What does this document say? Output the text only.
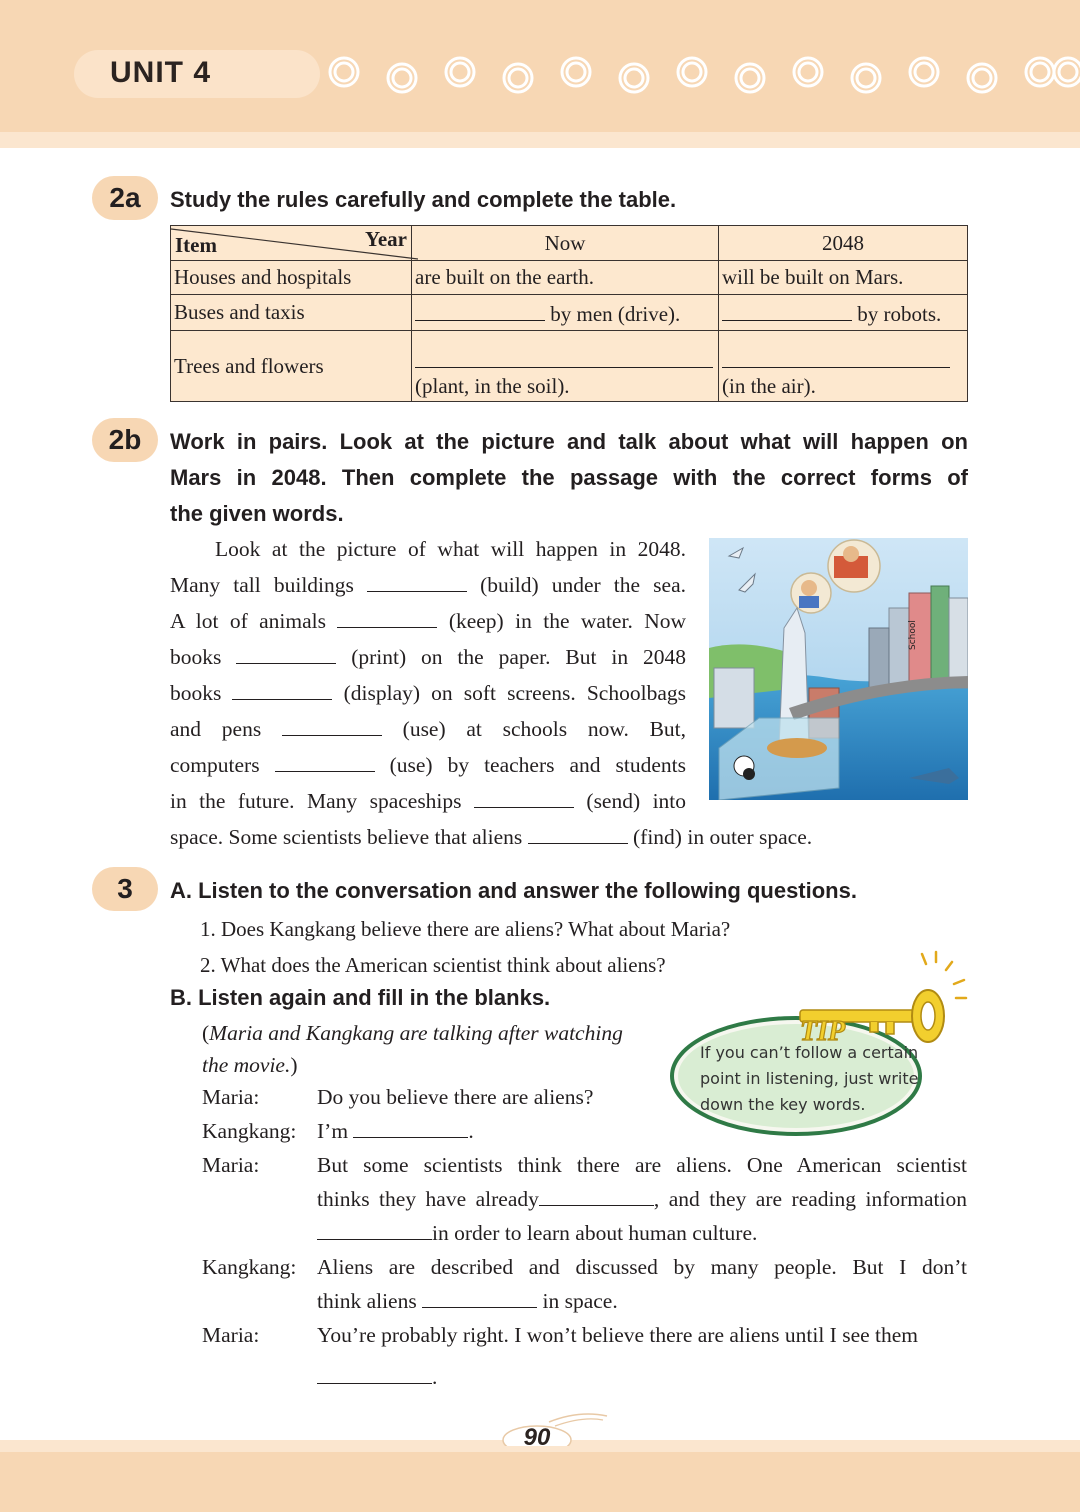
UNIT 4
2a	Study the rules carefully and complete the table.
Item Year	Now	2048
Houses and hospitals	are built on the earth.	will be built on Mars.
Buses and taxis	by men (drive).	by robots.
Trees and flowers	(plant, in the soil).	(in the air).
2b	Work in pairs. Look at the picture and talk about what will happen on
Mars in 2048. Then complete the passage with the correct forms of
the given words.
Look at the picture of what will happen in 2048.
Many tall buildings	(build) under the sea.
A lot of animals	(keep) in the water. Now
books	(print) on the paper. But in 2048
books	(display) on soft screens. Schoolbags
and pens	(use) at schools now. But,
computers	(use) by teachers and students
in the future. Many spaceships	(send) into
space. Some scientists believe that aliens	(find) in outer space.
School
3	A. Listen to the conversation and answer the following questions.
1. Does Kangkang believe there are aliens? What about Maria?
2. What does the American scientist think about aliens?
B. Listen again and fill in the blanks.
(Maria and Kangkang are talking after watching
the movie.)
Maria:	Do you believe there are aliens?
Kangkang: I’m	.
Maria:	But some scientists think there are aliens. One American scientist
thinks they have already	, and they are reading information
in order to learn about human culture.
Kangkang: Aliens are described and discussed by many people. But I don’t
think aliens	in space.
Maria:	You’re probably right. I won’t believe there are aliens until I see them
.
TIP
If you can’t follow a certain
point in listening, just write
down the key words.
90
